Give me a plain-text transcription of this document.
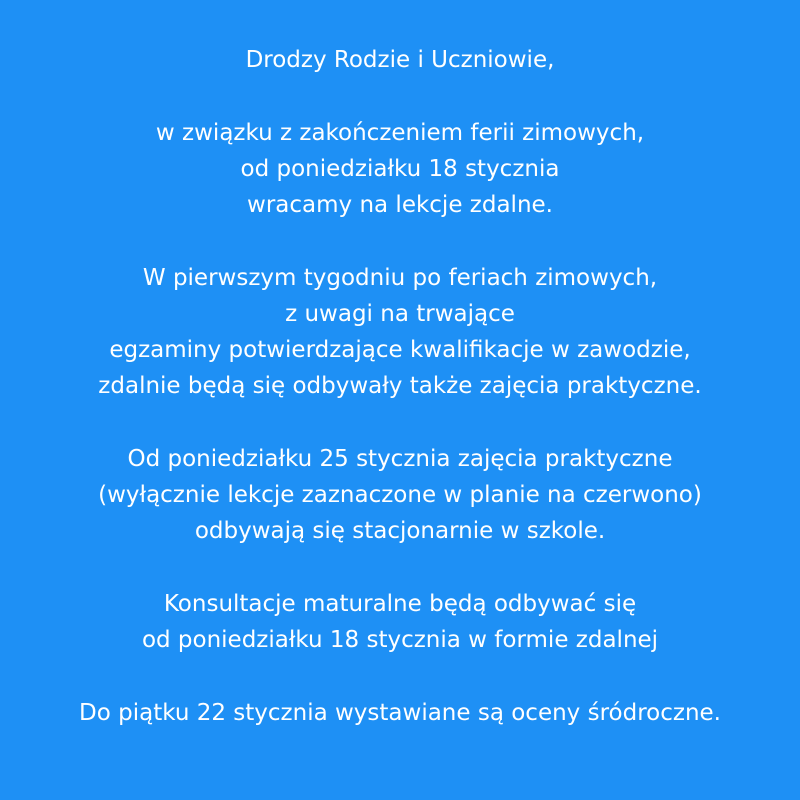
Drodzy Rodzie i Uczniowie,
w związku z zakończeniem ferii zimowych,
od poniedziałku 18 stycznia
wracamy na lekcje zdalne.
W pierwszym tygodniu po feriach zimowych,
z uwagi na trwające
egzaminy potwierdzające kwalifikacje w zawodzie,
zdalnie będą się odbywały także zajęcia praktyczne.
Od poniedziałku 25 stycznia zajęcia praktyczne
(wyłącznie lekcje zaznaczone w planie na czerwono)
odbywają się stacjonarnie w szkole.
Konsultacje maturalne będą odbywać się
od poniedziałku 18 stycznia w formie zdalnej
Do piątku 22 stycznia wystawiane są oceny śródroczne.
